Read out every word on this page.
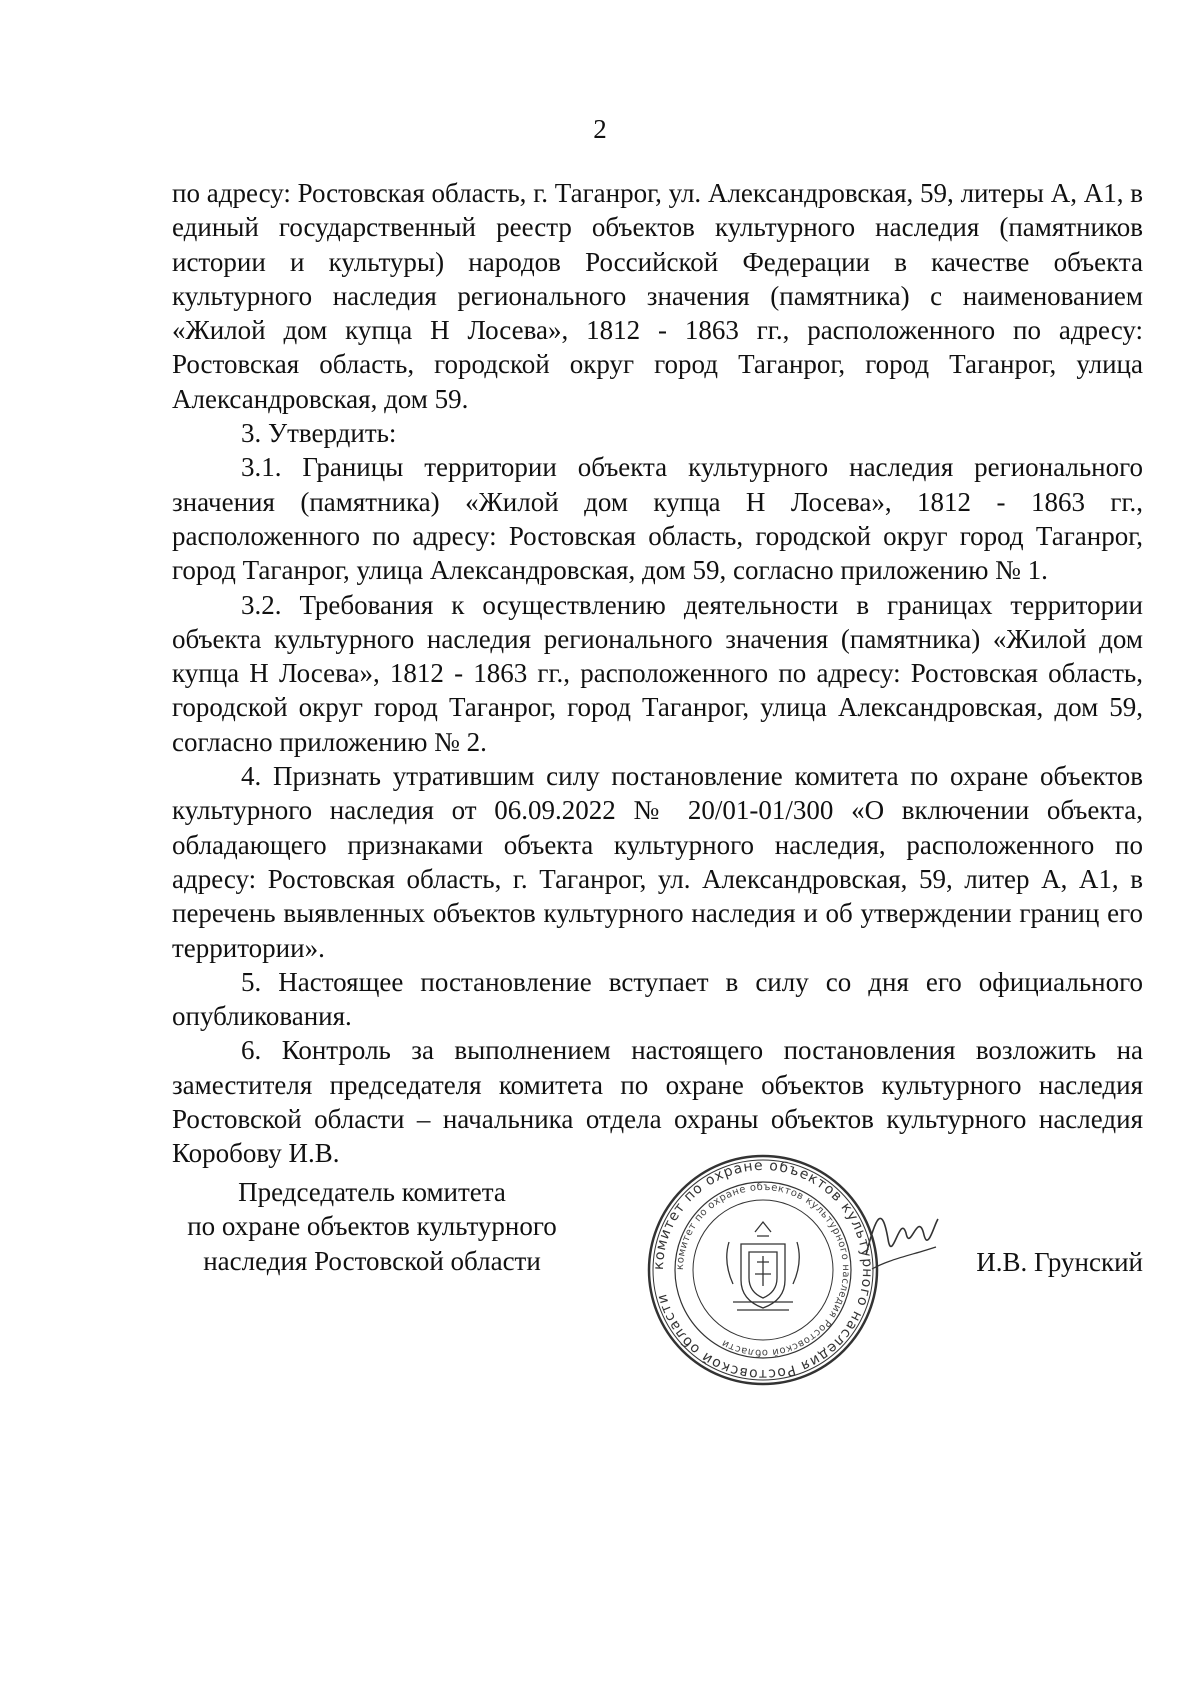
2

по адресу: Ростовская область, г. Таганрог, ул. Александровская, 59, литеры А, А1, в единый государственный реестр объектов культурного наследия (памятников истории и культуры) народов Российской Федерации в качестве объекта культурного наследия регионального значения (памятника) с наименованием «Жилой дом купца Н Лосева», 1812 - 1863 гг., расположенного по адресу: Ростовская область, городской округ город Таганрог, город Таганрог, улица Александровская, дом 59.

3. Утвердить:

3.1. Границы территории объекта культурного наследия регионального значения (памятника) «Жилой дом купца Н Лосева», 1812 - 1863 гг., расположенного по адресу: Ростовская область, городской округ город Таганрог, город Таганрог, улица Александровская, дом 59, согласно приложению № 1.

3.2. Требования к осуществлению деятельности в границах территории объекта культурного наследия регионального значения (памятника) «Жилой дом купца Н Лосева», 1812 - 1863 гг., расположенного по адресу: Ростовская область, городской округ город Таганрог, город Таганрог, улица Александровская, дом 59, согласно приложению № 2.

4. Признать утратившим силу постановление комитета по охране объектов культурного наследия от 06.09.2022 № 20/01-01/300 «О включении объекта, обладающего признаками объекта культурного наследия, расположенного по адресу: Ростовская область, г. Таганрог, ул. Александровская, 59, литер А, А1, в перечень выявленных объектов культурного наследия и об утверждении границ его территории».

5. Настоящее постановление вступает в силу со дня его официального опубликования.

6. Контроль за выполнением настоящего постановления возложить на заместителя председателя комитета по охране объектов культурного наследия Ростовской области – начальника отдела охраны объектов культурного наследия Коробову И.В.

Председатель комитета
по охране объектов культурного
наследия Ростовской области	комитет по охране объектов культурного наследия Ростовской области
комитет по охране объектов культурного наследия Ростовской области
И.В. Грунский
